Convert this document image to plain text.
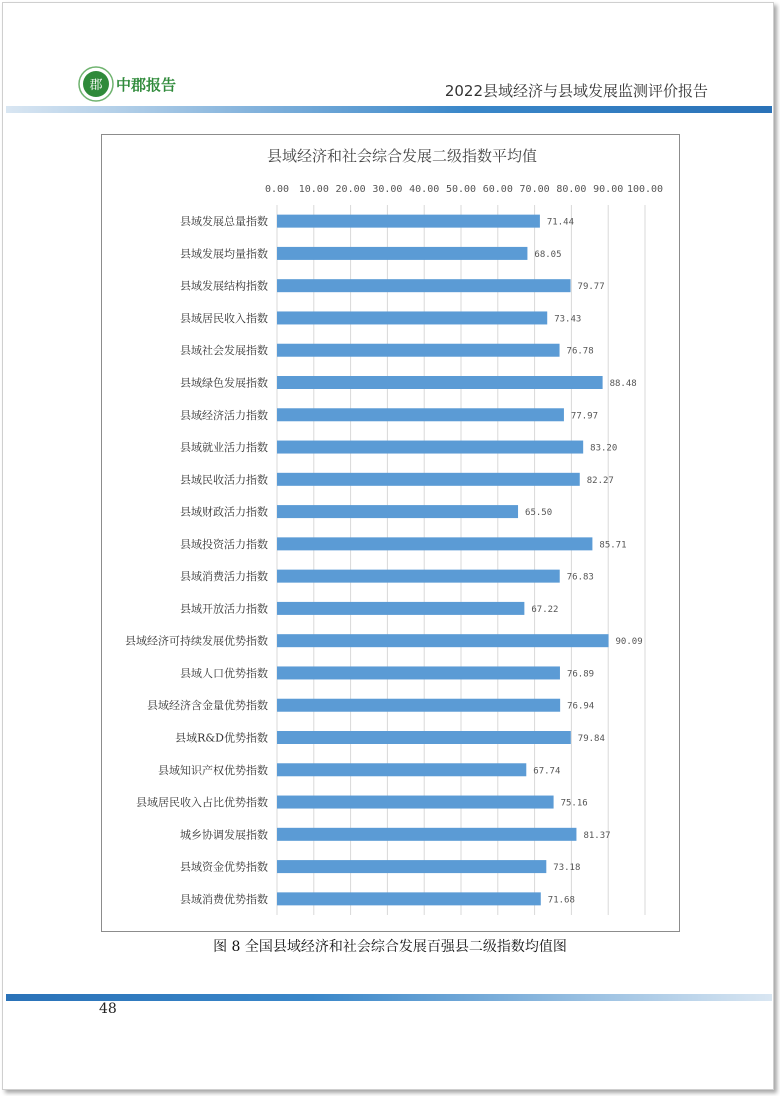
郡 中郡报告	2022县域经济与县域发展监测评价报告
县域经济和社会综合发展二级指数平均值
0.00 10.00 20.00 30.00 40.00 50.00 60.00 70.00 80.00 90.00 100.00
县域发展总量指数
县域发展均量指数
县域发展结构指数
县域居民收入指数
县域社会发展指数
县域绿色发展指数
县域经济活力指数
县域就业活力指数
县域民收活力指数
县域财政活力指数
县域投资活力指数
县域消费活力指数
县域开放活力指数
县域经济可持续发展优势指数
县域人口优势指数
县域经济含金量优势指数
县域R&D优势指数
县域知识产权优势指数
县域居民收入占比优势指数
城乡协调发展指数
县域资金优势指数
县域消费优势指数
71.44
68.05
79.77
73.43
76.78
88.48
77.97
83.20
82.27
65.50
85.71
76.83
67.22
90.09
76.89
76.94
79.84
67.74
75.16
81.37
73.18
71.68
图 8 全国县域经济和社会综合发展百强县二级指数均值图
48
